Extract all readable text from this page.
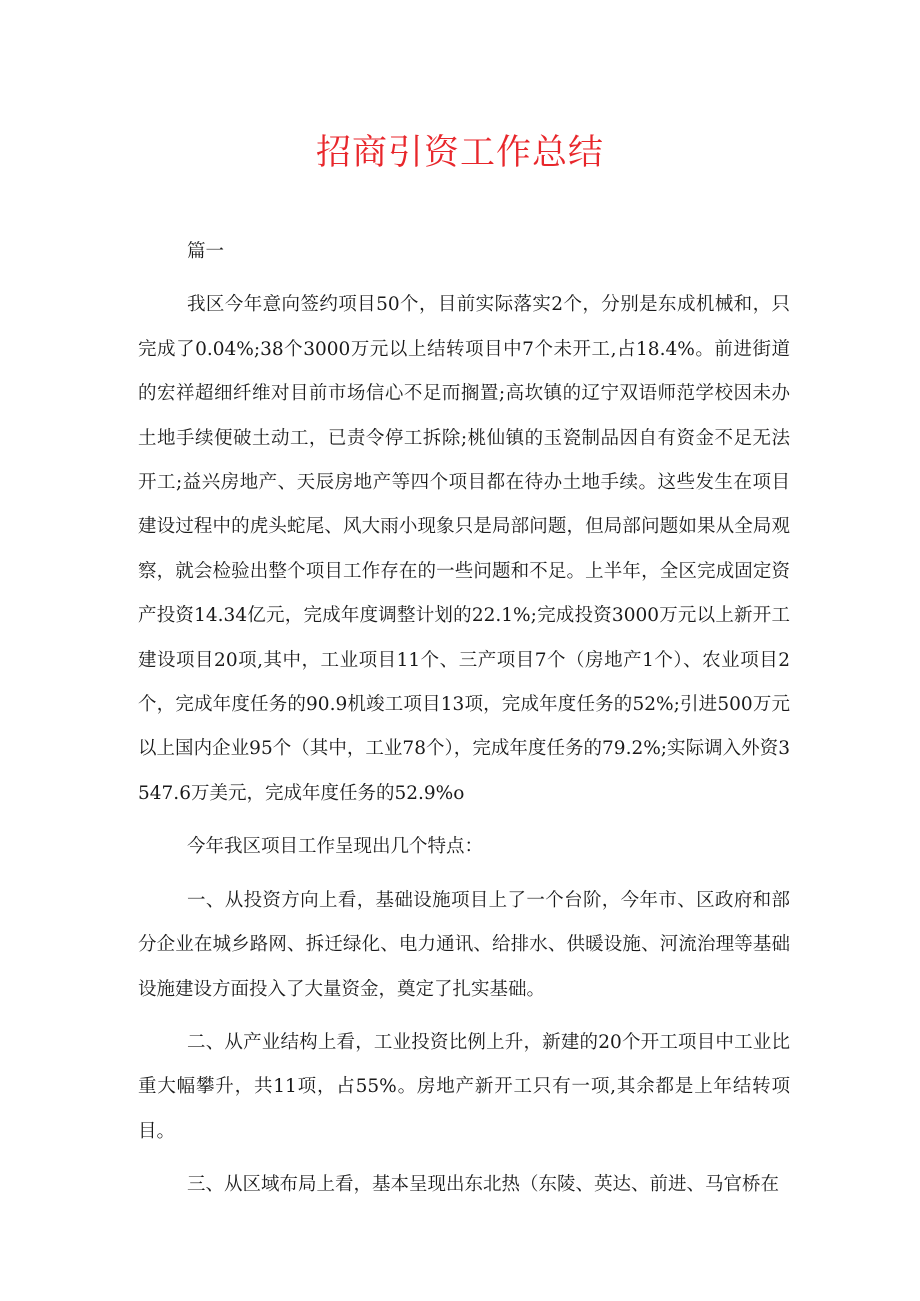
招商引资工作总结

篇一

我区今年意向签约项目50个，目前实际落实2个，分别是东成机械和，只完成了0.04%;38个3000万元以上结转项目中7个未开工,占18.4%。前进街道的宏祥超细纤维对目前市场信心不足而搁置;高坎镇的辽宁双语师范学校因未办土地手续便破土动工，已责令停工拆除;桃仙镇的玉瓷制品因自有资金不足无法开工;益兴房地产、天辰房地产等四个项目都在待办土地手续。这些发生在项目建设过程中的虎头蛇尾、风大雨小现象只是局部问题，但局部问题如果从全局观察，就会检验出整个项目工作存在的一些问题和不足。上半年，全区完成固定资产投资14.34亿元，完成年度调整计划的22.1%;完成投资3000万元以上新开工建设项目20项,其中，工业项目11个、三产项目7个（房地产1个）、农业项目2个，完成年度任务的90.9机竣工项目13项，完成年度任务的52%;引进500万元以上国内企业95个（其中，工业78个），完成年度任务的79.2%;实际调入外资3547.6万美元，完成年度任务的52.9%o

今年我区项目工作呈现出几个特点：

一、从投资方向上看，基础设施项目上了一个台阶，今年市、区政府和部分企业在城乡路网、拆迁绿化、电力通讯、给排水、供暖设施、河流治理等基础设施建设方面投入了大量资金，奠定了扎实基础。

二、从产业结构上看，工业投资比例上升，新建的20个开工项目中工业比重大幅攀升，共11项，占55%。房地产新开工只有一项,其余都是上年结转项目。

三、从区域布局上看，基本呈现出东北热（东陵、英达、前进、马官桥在
